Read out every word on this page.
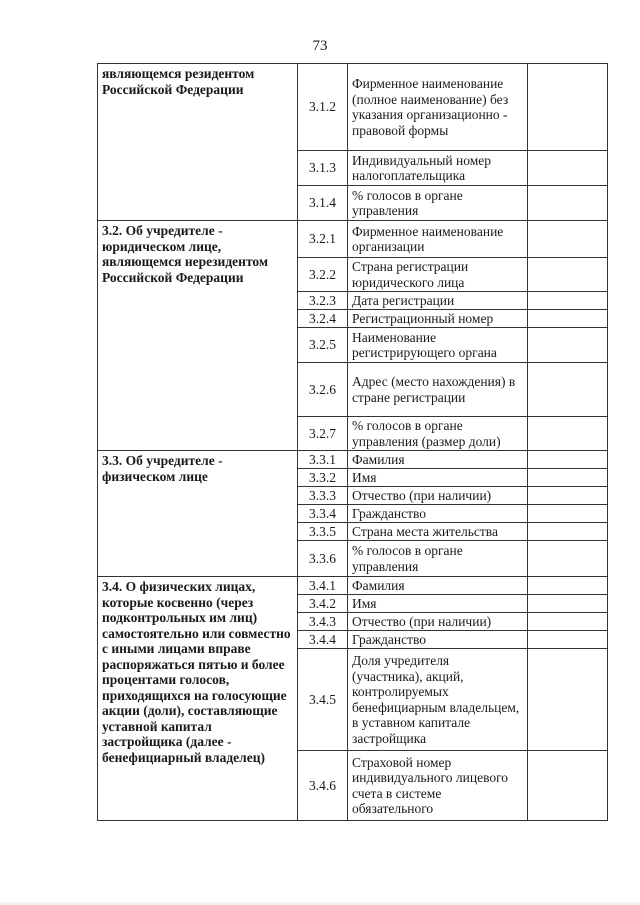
73
являющемся резидентом Российской Федерации	3.1.2	Фирменное наименование (полное наименование) без указания организационно - правовой формы	
	3.1.3	Индивидуальный номер налогоплательщика	
	3.1.4	% голосов в органе управления	
3.2. Об учредителе - юридическом лице, являющемся нерезидентом Российской Федерации	3.2.1	Фирменное наименование организации	
	3.2.2	Страна регистрации юридического лица	
	3.2.3	Дата регистрации	
	3.2.4	Регистрационный номер	
	3.2.5	Наименование регистрирующего органа	
	3.2.6	Адрес (место нахождения) в стране регистрации	
	3.2.7	% голосов в органе управления (размер доли)	
3.3. Об учредителе - физическом лице	3.3.1	Фамилия	
	3.3.2	Имя	
	3.3.3	Отчество (при наличии)	
	3.3.4	Гражданство	
	3.3.5	Страна места жительства	
	3.3.6	% голосов в органе управления	
3.4. О физических лицах, которые косвенно (через подконтрольных им лиц) самостоятельно или совместно с иными лицами вправе распоряжаться пятью и более процентами голосов, приходящихся на голосующие акции (доли), составляющие уставной капитал застройщика (далее - бенефициарный владелец)	3.4.1	Фамилия	
	3.4.2	Имя	
	3.4.3	Отчество (при наличии)	
	3.4.4	Гражданство	
	3.4.5	Доля учредителя (участника), акций, контролируемых бенефициарным владельцем, в уставном капитале застройщика	
	3.4.6	Страховой номер индивидуального лицевого счета в системе обязательного	
